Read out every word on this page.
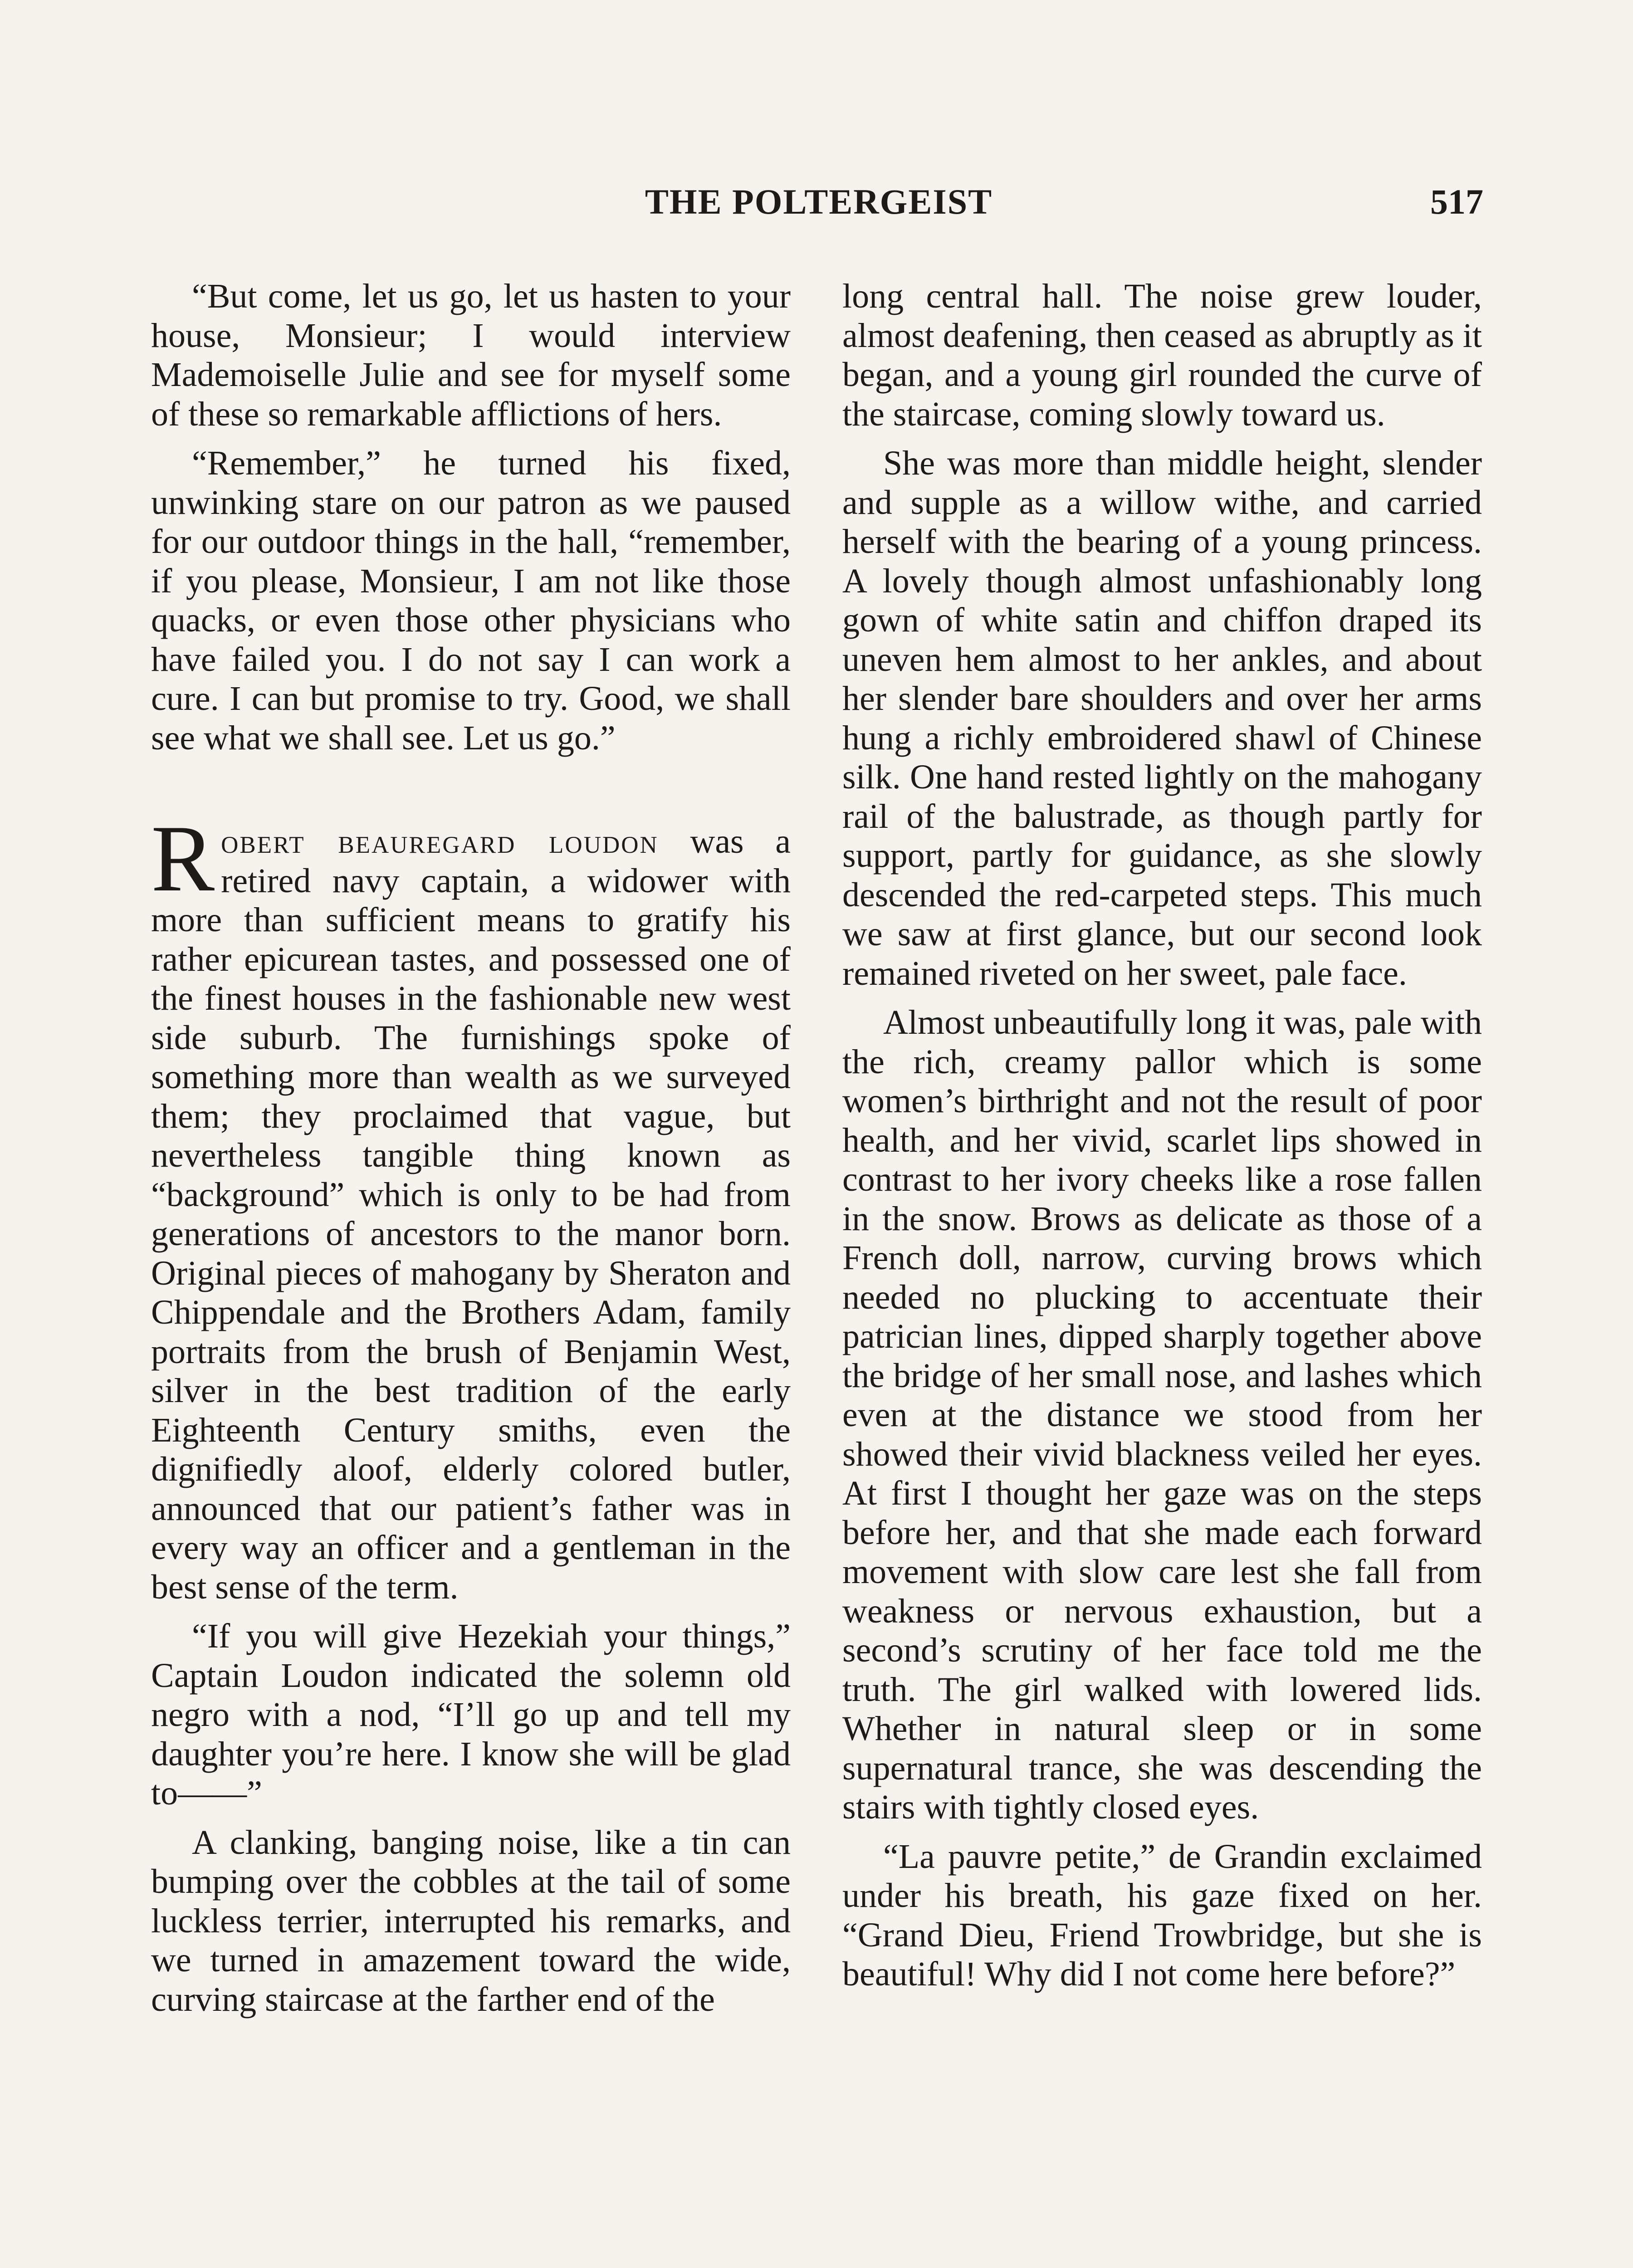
THE POLTERGEIST	517

“But come, let us go, let us hasten to your house, Monsieur; I would interview Mademoiselle Julie and see for myself some of these so remarkable afflictions of hers.

“Remember,” he turned his fixed, unwinking stare on our patron as we paused for our outdoor things in the hall, “remember, if you please, Monsieur, I am not like those quacks, or even those other physicians who have failed you. I do not say I can work a cure. I can but promise to try. Good, we shall see what we shall see. Let us go.”

Robert beauregard loudon was a retired navy captain, a widower with more than sufficient means to gratify his rather epicurean tastes, and possessed one of the finest houses in the fashionable new west side suburb. The furnishings spoke of something more than wealth as we surveyed them; they proclaimed that vague, but nevertheless tangible thing known as “background” which is only to be had from generations of ancestors to the manor born. Original pieces of mahogany by Sheraton and Chippendale and the Brothers Adam, family portraits from the brush of Benjamin West, silver in the best tradition of the early Eighteenth Century smiths, even the dignifiedly aloof, elderly colored butler, announced that our patient’s father was in every way an officer and a gentleman in the best sense of the term.

“If you will give Hezekiah your things,” Captain Loudon indicated the solemn old negro with a nod, “I’ll go up and tell my daughter you’re here. I know she will be glad to——”

A clanking, banging noise, like a tin can bumping over the cobbles at the tail of some luckless terrier, interrupted his remarks, and we turned in amazement toward the wide, curving staircase at the farther end of the

long central hall. The noise grew louder, almost deafening, then ceased as abruptly as it began, and a young girl rounded the curve of the staircase, coming slowly toward us.

She was more than middle height, slender and supple as a willow withe, and carried herself with the bearing of a young princess. A lovely though almost unfashionably long gown of white satin and chiffon draped its uneven hem almost to her ankles, and about her slender bare shoulders and over her arms hung a richly embroidered shawl of Chinese silk. One hand rested lightly on the mahogany rail of the balustrade, as though partly for support, partly for guidance, as she slowly descended the red-carpeted steps. This much we saw at first glance, but our second look remained riveted on her sweet, pale face.

Almost unbeautifully long it was, pale with the rich, creamy pallor which is some women’s birthright and not the result of poor health, and her vivid, scarlet lips showed in contrast to her ivory cheeks like a rose fallen in the snow. Brows as delicate as those of a French doll, narrow, curving brows which needed no plucking to accentuate their patrician lines, dipped sharply together above the bridge of her small nose, and lashes which even at the distance we stood from her showed their vivid blackness veiled her eyes. At first I thought her gaze was on the steps before her, and that she made each forward movement with slow care lest she fall from weakness or nervous exhaustion, but a second’s scrutiny of her face told me the truth. The girl walked with lowered lids. Whether in natural sleep or in some supernatural trance, she was descending the stairs with tightly closed eyes.

“La pauvre petite,” de Grandin exclaimed under his breath, his gaze fixed on her. “Grand Dieu, Friend Trowbridge, but she is beautiful! Why did I not come here before?”
